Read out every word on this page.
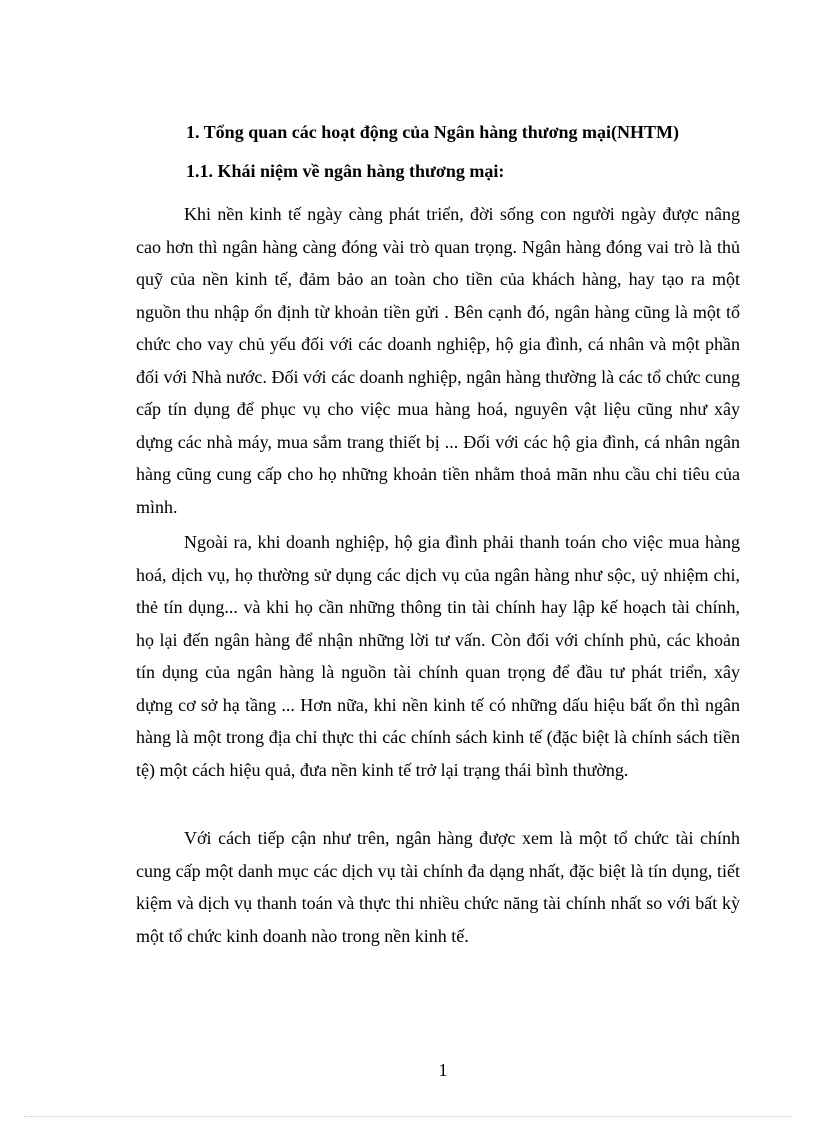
1. Tổng quan các hoạt động của Ngân hàng thương mại(NHTM)
1.1. Khái niệm về ngân hàng thương mại:

Khi nền kinh tế ngày càng phát triển, đời sống con người ngày được nâng cao hơn thì ngân hàng càng đóng vài trò quan trọng. Ngân hàng đóng vai trò là thủ quỹ của nền kinh tế, đảm bảo an toàn cho tiền của khách hàng, hay tạo ra một nguồn thu nhập ổn định từ khoản tiền gửi . Bên cạnh đó, ngân hàng cũng là một tổ chức cho vay chủ yếu đối với các doanh nghiệp, hộ gia đình, cá nhân và một phần đối với Nhà nước. Đối với các doanh nghiệp, ngân hàng thường là các tổ chức cung cấp tín dụng để phục vụ cho việc mua hàng hoá, nguyên vật liệu cũng như xây dựng các nhà máy, mua sắm trang thiết bị ... Đối với các hộ gia đình, cá nhân ngân hàng cũng cung cấp cho họ những khoản tiền nhằm thoả mãn nhu cầu chi tiêu của mình.

Ngoài ra, khi doanh nghiệp, hộ gia đình phải thanh toán cho việc mua hàng hoá, dịch vụ, họ thường sử dụng các dịch vụ của ngân hàng như sộc, uỷ nhiệm chi, thẻ tín dụng... và khi họ cần những thông tin tài chính hay lập kế hoạch tài chính, họ lại đến ngân hàng để nhận những lời tư vấn. Còn đối với chính phủ, các khoản tín dụng của ngân hàng là nguồn tài chính quan trọng để đầu tư phát triển, xây dựng cơ sở hạ tầng ... Hơn nữa, khi nền kinh tế có những dấu hiệu bất ổn thì ngân hàng là một trong địa chỉ thực thi các chính sách kinh tế (đặc biệt là chính sách tiền tệ) một cách hiệu quả, đưa nền kinh tế trở lại trạng thái bình thường.

Với cách tiếp cận như trên, ngân hàng được xem là một tổ chức tài chính cung cấp một danh mục các dịch vụ tài chính đa dạng nhất, đặc biệt là tín dụng, tiết kiệm và dịch vụ thanh toán và thực thi nhiều chức năng tài chính nhất so với bất kỳ một tổ chức kinh doanh nào trong nền kinh tế.

1
